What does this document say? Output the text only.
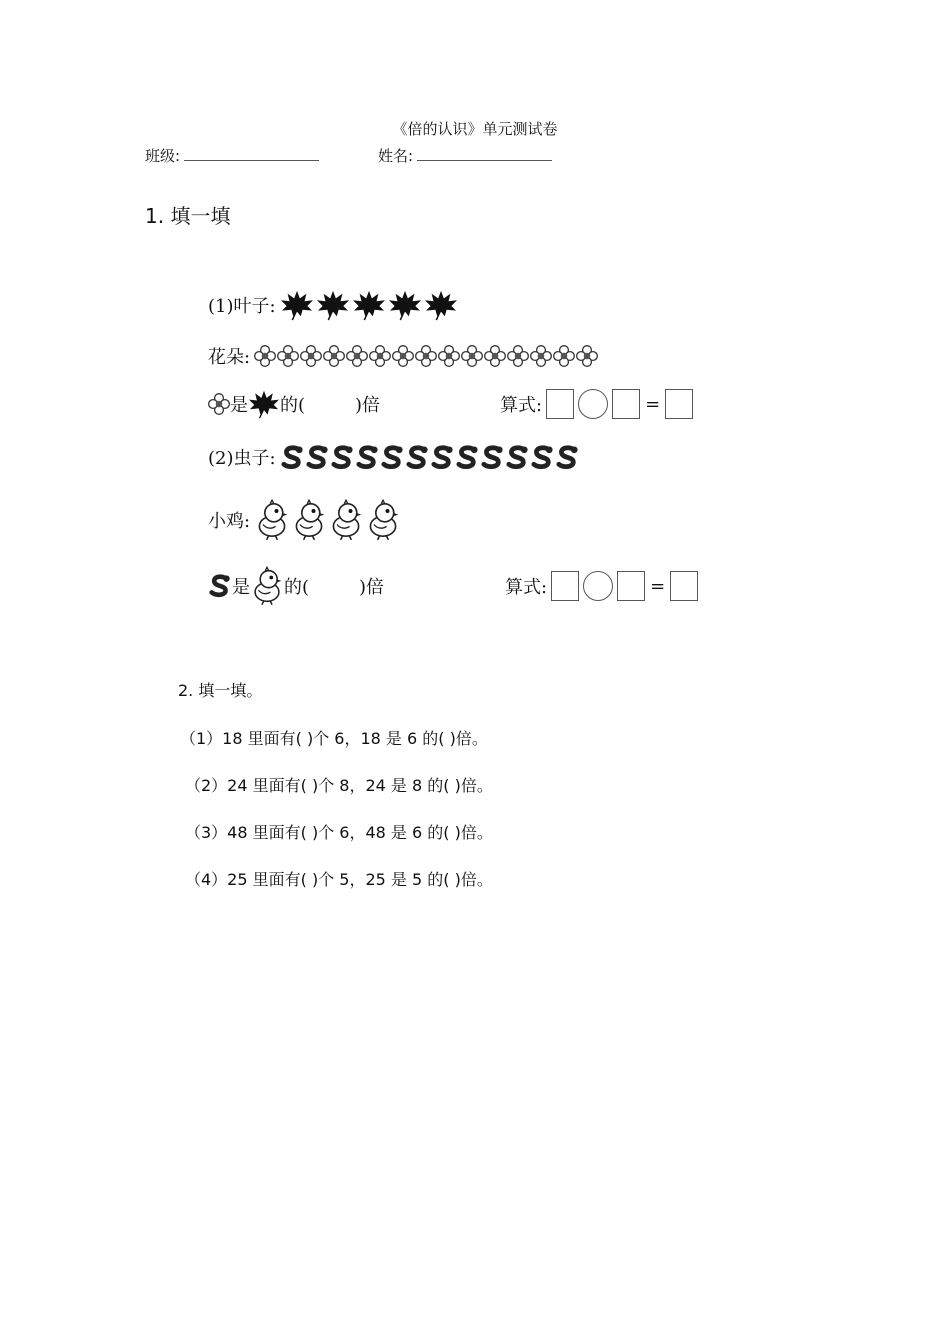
《倍的认识》单元测试卷
班级:	姓名:
1. 填一填
(1)叶子:
花朵:
是 的(	)倍	算式:	=
(2)虫子:
小鸡:
是 的(	)倍	算式:	=
2. 填一填。
（1）18 里面有( )个 6，18 是 6 的( )倍。
（2）24 里面有( )个 8，24 是 8 的( )倍。
（3）48 里面有( )个 6，48 是 6 的( )倍。
（4）25 里面有( )个 5，25 是 5 的( )倍。
